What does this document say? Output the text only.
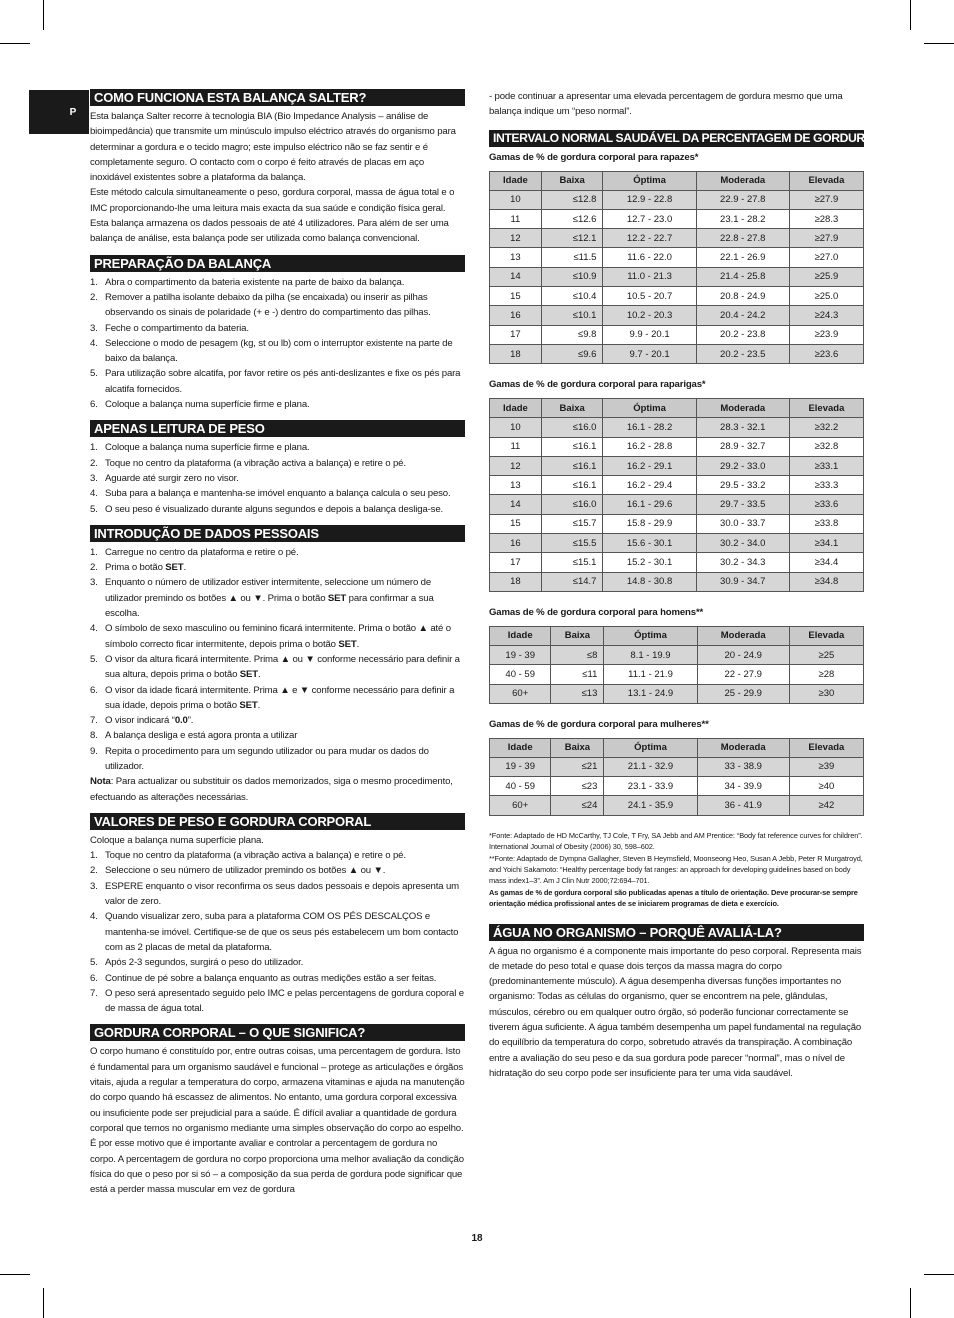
P
COMO FUNCIONA ESTA BALANÇA SALTER?

Esta balança Salter recorre à tecnologia BIA (Bio Impedance Analysis – análise de bioimpedância) que transmite um minúsculo impulso eléctrico através do organismo para determinar a gordura e o tecido magro; este impulso eléctrico não se faz sentir e é completamente seguro. O contacto com o corpo é feito através de placas em aço inoxidável existentes sobre a plataforma da balança.

Este método calcula simultaneamente o peso, gordura corporal, massa de água total e o IMC proporcionando-lhe uma leitura mais exacta da sua saúde e condição física geral. Esta balança armazena os dados pessoais de até 4 utilizadores. Para além de ser uma balança de análise, esta balança pode ser utilizada como balança convencional.

PREPARAÇÃO DA BALANÇA
1. Abra o compartimento da bateria existente na parte de baixo da balança.
2. Remover a patilha isolante debaixo da pilha (se encaixada) ou inserir as pilhas observando os sinais de polaridade (+ e -) dentro do compartimento das pilhas.
3. Feche o compartimento da bateria.
4. Seleccione o modo de pesagem (kg, st ou lb) com o interruptor existente na parte de baixo da balança.
5. Para utilização sobre alcatifa, por favor retire os pés anti-deslizantes e fixe os pés para alcatifa fornecidos.
6. Coloque a balança numa superfície firme e plana.
APENAS LEITURA DE PESO
1. Coloque a balança numa superfície firme e plana.
2. Toque no centro da plataforma (a vibração activa a balança) e retire o pé.
3. Aguarde até surgir zero no visor.
4. Suba para a balança e mantenha-se imóvel enquanto a balança calcula o seu peso.
5. O seu peso é visualizado durante alguns segundos e depois a balança desliga-se.
INTRODUÇÃO DE DADOS PESSOAIS
1. Carregue no centro da plataforma e retire o pé.
2. Prima o botão SET.
3. Enquanto o número de utilizador estiver intermitente, seleccione um número de utilizador premindo os botões ▲ ou ▼. Prima o botão SET para confirmar a sua escolha.
4. O símbolo de sexo masculino ou feminino ficará intermitente. Prima o botão ▲ até o símbolo correcto ficar intermitente, depois prima o botão SET.
5. O visor da altura ficará intermitente. Prima ▲ ou ▼ conforme necessário para definir a sua altura, depois prima o botão SET.
6. O visor da idade ficará intermitente. Prima ▲ e ▼ conforme necessário para definir a sua idade, depois prima o botão SET.
7. O visor indicará “0.0”.
8. A balança desliga e está agora pronta a utilizar
9. Repita o procedimento para um segundo utilizador ou para mudar os dados do utilizador.

Nota: Para actualizar ou substituir os dados memorizados, siga o mesmo procedimento, efectuando as alterações necessárias.

VALORES DE PESO E GORDURA CORPORAL

Coloque a balança numa superfície plana.

1. Toque no centro da plataforma (a vibração activa a balança) e retire o pé.
2. Seleccione o seu número de utilizador premindo os botões ▲ ou ▼.
3. ESPERE enquanto o visor reconfirma os seus dados pessoais e depois apresenta um valor de zero.
4. Quando visualizar zero, suba para a plataforma COM OS PÉS DESCALÇOS e mantenha-se imóvel. Certifique-se de que os seus pés estabelecem um bom contacto com as 2 placas de metal da plataforma.
5. Após 2-3 segundos, surgirá o peso do utilizador.
6. Continue de pé sobre a balança enquanto as outras medições estão a ser feitas.
7. O peso será apresentado seguido pelo IMC e pelas percentagens de gordura coporal e de massa de água total.
GORDURA CORPORAL – O QUE SIGNIFICA?

O corpo humano é constituído por, entre outras coisas, uma percentagem de gordura. Isto é fundamental para um organismo saudável e funcional – protege as articulações e órgãos vitais, ajuda a regular a temperatura do corpo, armazena vitaminas e ajuda na manutenção do corpo quando há escassez de alimentos. No entanto, uma gordura corporal excessiva ou insuficiente pode ser prejudicial para a saúde. É difícil avaliar a quantidade de gordura corporal que temos no organismo mediante uma simples observação do corpo ao espelho. É por esse motivo que é importante avaliar e controlar a percentagem de gordura no corpo. A percentagem de gordura no corpo proporciona uma melhor avaliação da condição física do que o peso por si só – a composição da sua perda de gordura pode significar que está a perder massa muscular em vez de gordura

- pode continuar a apresentar uma elevada percentagem de gordura mesmo que uma balança indique um “peso normal”.

INTERVALO NORMAL SAUDÁVEL DA PERCENTAGEM DE GORDURA CORPORAL
Gamas de % de gordura corporal para rapazes*
Idade	Baixa	Óptima	Moderada	Elevada
10	≤12.8	12.9 - 22.8	22.9 - 27.8	≥27.9
11	≤12.6	12.7 - 23.0	23.1 - 28.2	≥28.3
12	≤12.1	12.2 - 22.7	22.8 - 27.8	≥27.9
13	≤11.5	11.6 - 22.0	22.1 - 26.9	≥27.0
14	≤10.9	11.0 - 21.3	21.4 - 25.8	≥25.9
15	≤10.4	10.5 - 20.7	20.8 - 24.9	≥25.0
16	≤10.1	10.2 - 20.3	20.4 - 24.2	≥24.3
17	≤9.8	9.9 - 20.1	20.2 - 23.8	≥23.9
18	≤9.6	9.7 - 20.1	20.2 - 23.5	≥23.6
Gamas de % de gordura corporal para raparigas*
Idade	Baixa	Óptima	Moderada	Elevada
10	≤16.0	16.1 - 28.2	28.3 - 32.1	≥32.2
11	≤16.1	16.2 - 28.8	28.9 - 32.7	≥32.8
12	≤16.1	16.2 - 29.1	29.2 - 33.0	≥33.1
13	≤16.1	16.2 - 29.4	29.5 - 33.2	≥33.3
14	≤16.0	16.1 - 29.6	29.7 - 33.5	≥33.6
15	≤15.7	15.8 - 29.9	30.0 - 33.7	≥33.8
16	≤15.5	15.6 - 30.1	30.2 - 34.0	≥34.1
17	≤15.1	15.2 - 30.1	30.2 - 34.3	≥34.4
18	≤14.7	14.8 - 30.8	30.9 - 34.7	≥34.8
Gamas de % de gordura corporal para homens**
Idade	Baixa	Óptima	Moderada	Elevada
19 - 39	≤8	8.1 - 19.9	20 - 24.9	≥25
40 - 59	≤11	11.1 - 21.9	22 - 27.9	≥28
60+	≤13	13.1 - 24.9	25 - 29.9	≥30
Gamas de % de gordura corporal para mulheres**
Idade	Baixa	Óptima	Moderada	Elevada
19 - 39	≤21	21.1 - 32.9	33 - 38.9	≥39
40 - 59	≤23	23.1 - 33.9	34 - 39.9	≥40
60+	≤24	24.1 - 35.9	36 - 41.9	≥42

*Fonte: Adaptado de HD McCarthy, TJ Cole, T Fry, SA Jebb and AM Prentice: “Body fat reference curves for children”. International Journal of Obesity (2006) 30, 598–602.

**Fonte: Adaptado de Dympna Gallagher, Steven B Heymsfield, Moonseong Heo, Susan A Jebb, Peter R Murgatroyd, and Yoichi Sakamoto: “Healthy percentage body fat ranges: an approach for developing guidelines based on body mass index1–3”. Am J Clin Nutr 2000;72:694–701.

As gamas de % de gordura corporal são publicadas apenas a título de orientação. Deve procurar-se sempre orientação médica profissional antes de se iniciarem programas de dieta e exercício.

ÁGUA NO ORGANISMO – PORQUÊ AVALIÁ-LA?

A água no organismo é a componente mais importante do peso corporal. Representa mais de metade do peso total e quase dois terços da massa magra do corpo (predominantemente músculo). A água desempenha diversas funções importantes no organismo: Todas as células do organismo, quer se encontrem na pele, glândulas, músculos, cérebro ou em qualquer outro órgão, só poderão funcionar correctamente se tiverem água suficiente. A água também desempenha um papel fundamental na regulação do equilíbrio da temperatura do corpo, sobretudo através da transpiração. A combinação entre a avaliação do seu peso e da sua gordura pode parecer “normal”, mas o nível de hidratação do seu corpo pode ser insuficiente para ter uma vida saudável.

18
